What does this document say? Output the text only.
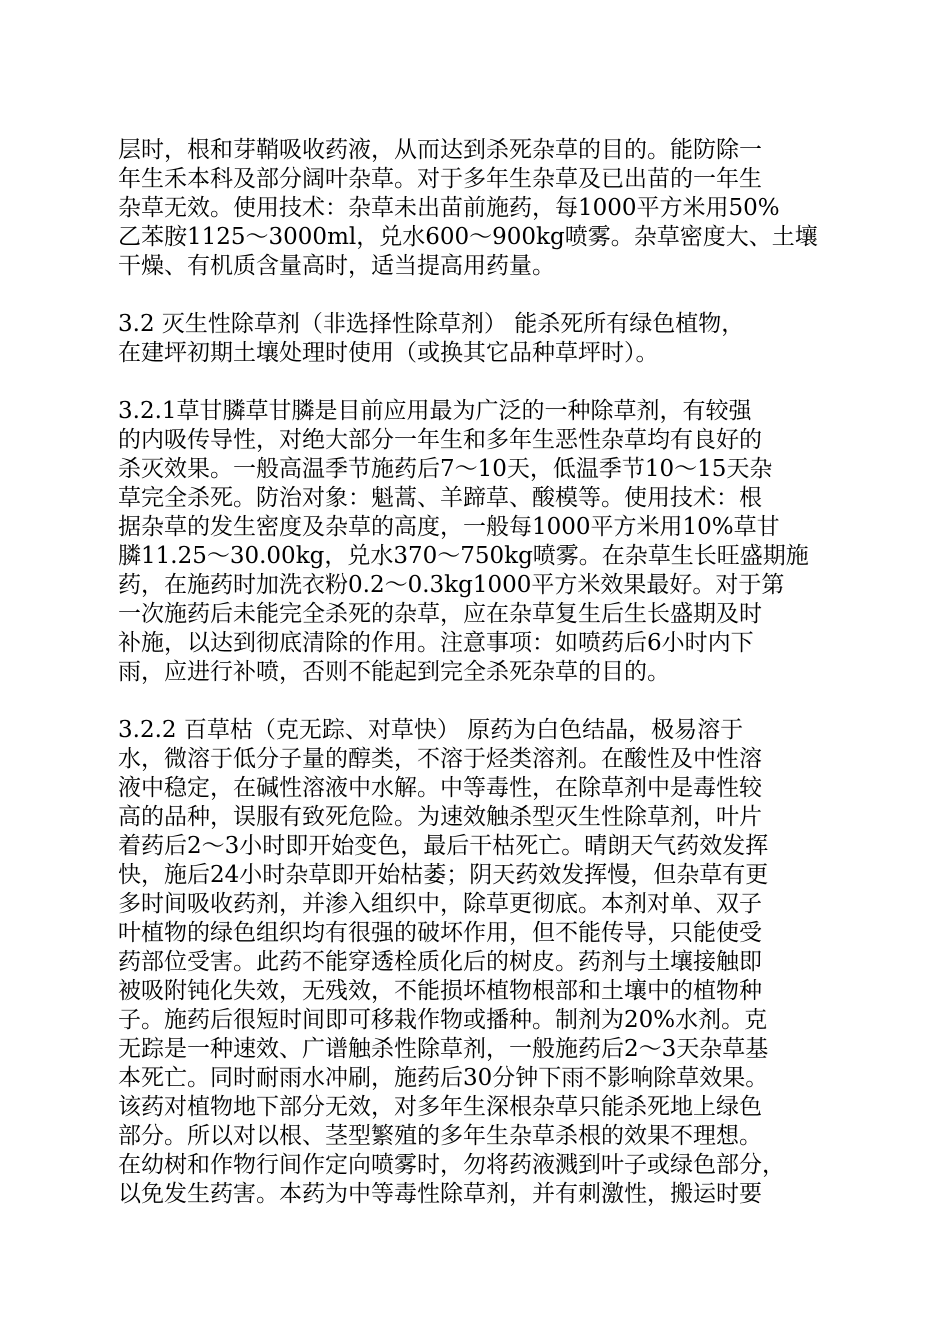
层时，根和芽鞘吸收药液，从而达到杀死杂草的目的。能防除一
年生禾本科及部分阔叶杂草。对于多年生杂草及已出苗的一年生
杂草无效。使用技术：杂草未出苗前施药，每1000平方米用50%
乙苯胺1125～3000ml，兑水600～900kg喷雾。杂草密度大、土壤
干燥、有机质含量高时，适当提高用药量。
3.2 灭生性除草剂（非选择性除草剂） 能杀死所有绿色植物，
在建坪初期土壤处理时使用（或换其它品种草坪时）。
3.2.1草甘膦草甘膦是目前应用最为广泛的一种除草剂，有较强
的内吸传导性，对绝大部分一年生和多年生恶性杂草均有良好的
杀灭效果。一般高温季节施药后7～10天，低温季节10～15天杂
草完全杀死。防治对象：魁蒿、羊蹄草、酸模等。使用技术：根
据杂草的发生密度及杂草的高度，一般每1000平方米用10%草甘
膦11.25～30.00kg，兑水370～750kg喷雾。在杂草生长旺盛期施
药，在施药时加洗衣粉0.2～0.3kg1000平方米效果最好。对于第
一次施药后未能完全杀死的杂草，应在杂草复生后生长盛期及时
补施，以达到彻底清除的作用。注意事项：如喷药后6小时内下
雨，应进行补喷，否则不能起到完全杀死杂草的目的。
3.2.2 百草枯（克无踪、对草快） 原药为白色结晶，极易溶于
水，微溶于低分子量的醇类，不溶于烃类溶剂。在酸性及中性溶
液中稳定，在碱性溶液中水解。中等毒性，在除草剂中是毒性较
高的品种，误服有致死危险。为速效触杀型灭生性除草剂，叶片
着药后2～3小时即开始变色，最后干枯死亡。晴朗天气药效发挥
快，施后24小时杂草即开始枯萎；阴天药效发挥慢，但杂草有更
多时间吸收药剂，并渗入组织中，除草更彻底。本剂对单、双子
叶植物的绿色组织均有很强的破坏作用，但不能传导，只能使受
药部位受害。此药不能穿透栓质化后的树皮。药剂与土壤接触即
被吸附钝化失效，无残效，不能损坏植物根部和土壤中的植物种
子。施药后很短时间即可移栽作物或播种。制剂为20%水剂。克
无踪是一种速效、广谱触杀性除草剂，一般施药后2～3天杂草基
本死亡。同时耐雨水冲刷，施药后30分钟下雨不影响除草效果。
该药对植物地下部分无效，对多年生深根杂草只能杀死地上绿色
部分。所以对以根、茎型繁殖的多年生杂草杀根的效果不理想。
在幼树和作物行间作定向喷雾时，勿将药液溅到叶子或绿色部分，
以免发生药害。本药为中等毒性除草剂，并有刺激性，搬运时要
